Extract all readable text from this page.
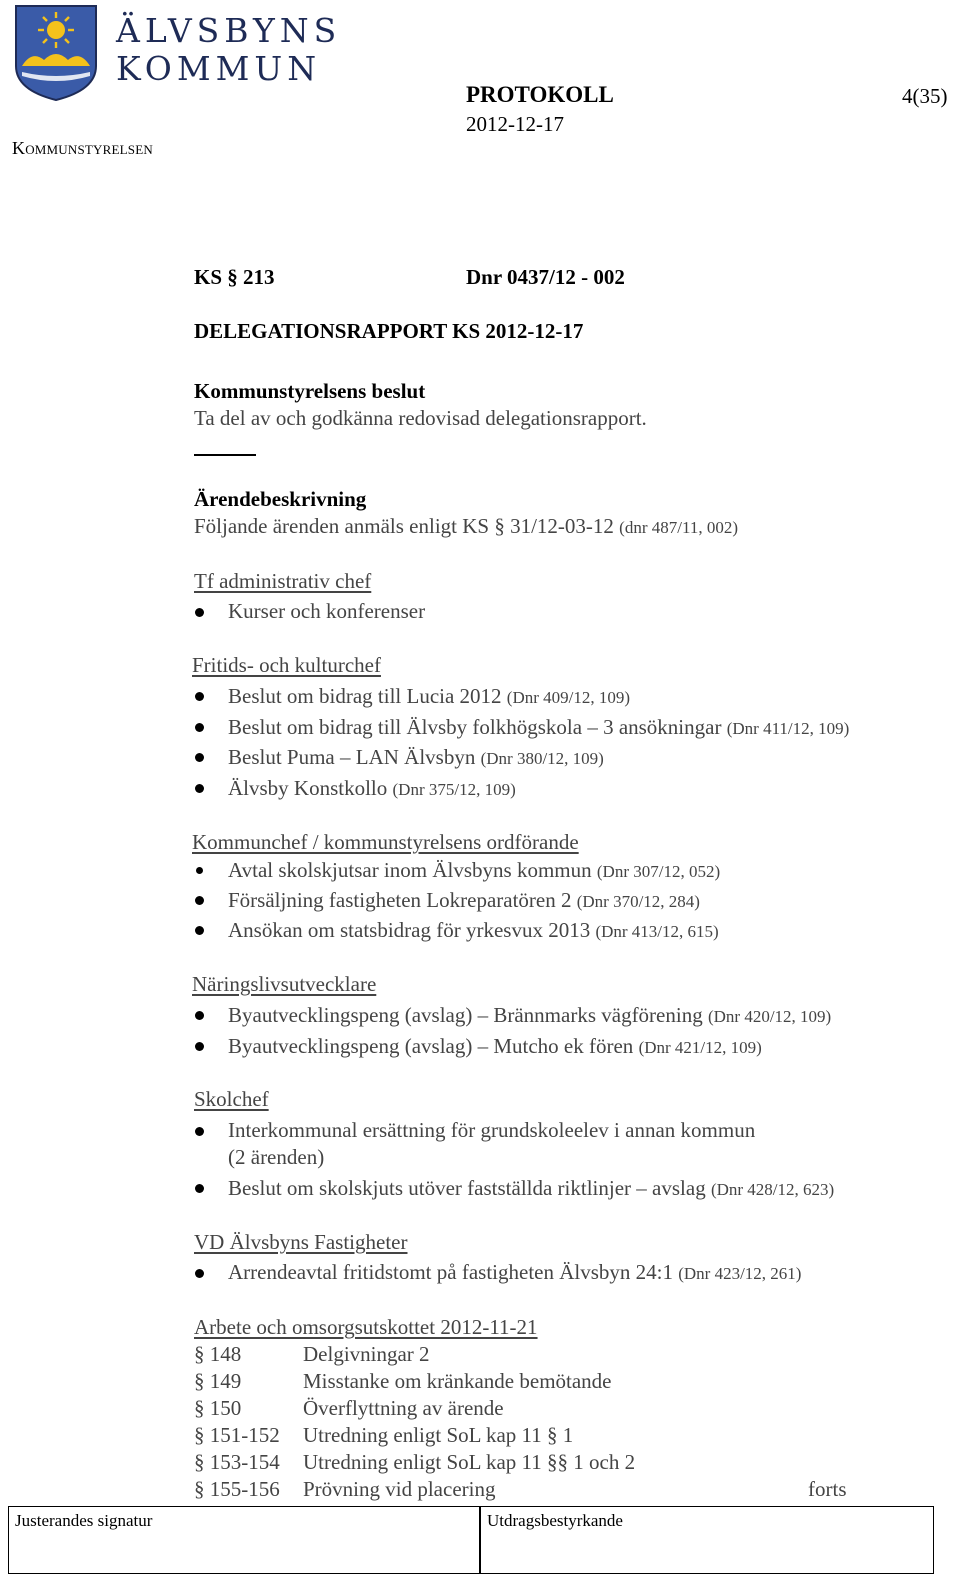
ÄLVSBYNS
KOMMUN
Kommunstyrelsen
PROTOKOLL	4(35)
2012-12-17
KS § 213	Dnr 0437/12 - 002
DELEGATIONSRAPPORT KS 2012-12-17
Kommunstyrelsens beslut
Ta del av och godkänna redovisad delegationsrapport.
Ärendebeskrivning
Följande ärenden anmäls enligt KS § 31/12-03-12 (dnr 487/11, 002)
Tf administrativ chef
Kurser och konferenser
Fritids- och kulturchef
Beslut om bidrag till Lucia 2012 (Dnr 409/12, 109)
Beslut om bidrag till Älvsby folkhögskola – 3 ansökningar (Dnr 411/12, 109)
Beslut Puma – LAN Älvsbyn (Dnr 380/12, 109)
Älvsby Konstkollo (Dnr 375/12, 109)
Kommunchef / kommunstyrelsens ordförande
Avtal skolskjutsar inom Älvsbyns kommun (Dnr 307/12, 052)
Försäljning fastigheten Lokreparatören 2 (Dnr 370/12, 284)
Ansökan om statsbidrag för yrkesvux 2013 (Dnr 413/12, 615)
Näringslivsutvecklare
Byautvecklingspeng (avslag) – Brännmarks vägförening (Dnr 420/12, 109)
Byautvecklingspeng (avslag) – Mutcho ek fören (Dnr 421/12, 109)
Skolchef
Interkommunal ersättning för grundskoleelev i annan kommun
(2 ärenden)
Beslut om skolskjuts utöver fastställda riktlinjer – avslag (Dnr 428/12, 623)
VD Älvsbyns Fastigheter
Arrendeavtal fritidstomt på fastigheten Älvsbyn 24:1 (Dnr 423/12, 261)
Arbete och omsorgsutskottet 2012-11-21
§ 148	Delgivningar 2
§ 149	Misstanke om kränkande bemötande
§ 150	Överflyttning av ärende
§ 151-152 Utredning enligt SoL kap 11 § 1
§ 153-154 Utredning enligt SoL kap 11 §§ 1 och 2
§ 155-156 Prövning vid placering	forts
Justerandes signatur	Utdragsbestyrkande
